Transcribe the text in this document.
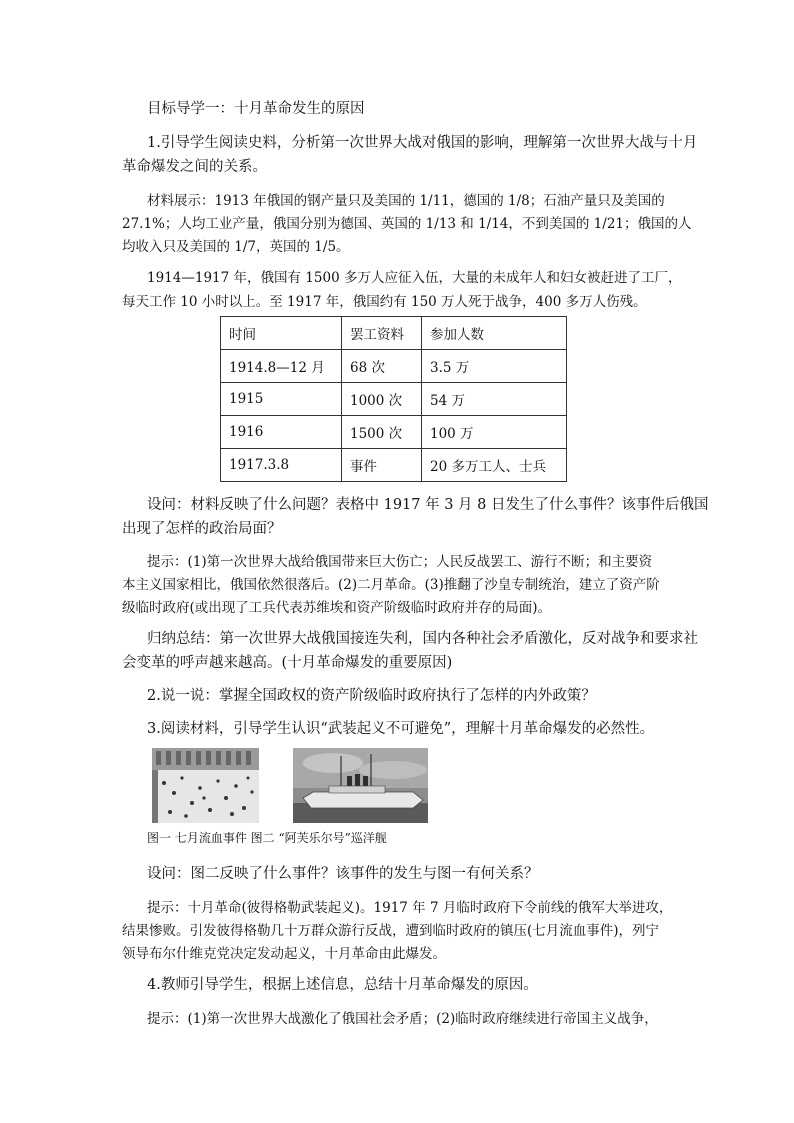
目标导学一：十月革命发生的原因
1.引导学生阅读史料，分析第一次世界大战对俄国的影响，理解第一次世界大战与十月
革命爆发之间的关系。
材料展示：1913 年俄国的钢产量只及美国的 1/11，德国的 1/8；石油产量只及美国的
27.1%；人均工业产量，俄国分别为德国、英国的 1/13 和 1/14，不到美国的 1/21；俄国的人
均收入只及美国的 1/7，英国的 1/5。
1914—1917 年，俄国有 1500 多万人应征入伍，大量的未成年人和妇女被赶进了工厂，
每天工作 10 小时以上。至 1917 年，俄国约有 150 万人死于战争，400 多万人伤残。
时间	罢工资料	参加人数
1914.8—12 月	68 次	3.5 万
1915	1000 次	54 万
1916	1500 次	100 万
1917.3.8	事件	20 多万工人、士兵
设问：材料反映了什么问题？表格中 1917 年 3 月 8 日发生了什么事件？该事件后俄国
出现了怎样的政治局面？
提示：(1)第一次世界大战给俄国带来巨大伤亡；人民反战罢工、游行不断；和主要资
本主义国家相比，俄国依然很落后。(2)二月革命。(3)推翻了沙皇专制统治，建立了资产阶
级临时政府(或出现了工兵代表苏维埃和资产阶级临时政府并存的局面)。
归纳总结：第一次世界大战俄国接连失利，国内各种社会矛盾激化，反对战争和要求社
会变革的呼声越来越高。(十月革命爆发的重要原因)
2.说一说：掌握全国政权的资产阶级临时政府执行了怎样的内外政策？
3.阅读材料，引导学生认识“武装起义不可避免”，理解十月革命爆发的必然性。
图一 七月流血事件 图二 “阿芙乐尔号”巡洋舰
设问：图二反映了什么事件？该事件的发生与图一有何关系？
提示：十月革命(彼得格勒武装起义)。1917 年 7 月临时政府下令前线的俄军大举进攻，
结果惨败。引发彼得格勒几十万群众游行反战，遭到临时政府的镇压(七月流血事件)，列宁
领导布尔什维克党决定发动起义，十月革命由此爆发。
4.教师引导学生，根据上述信息，总结十月革命爆发的原因。
提示：(1)第一次世界大战激化了俄国社会矛盾；(2)临时政府继续进行帝国主义战争，
